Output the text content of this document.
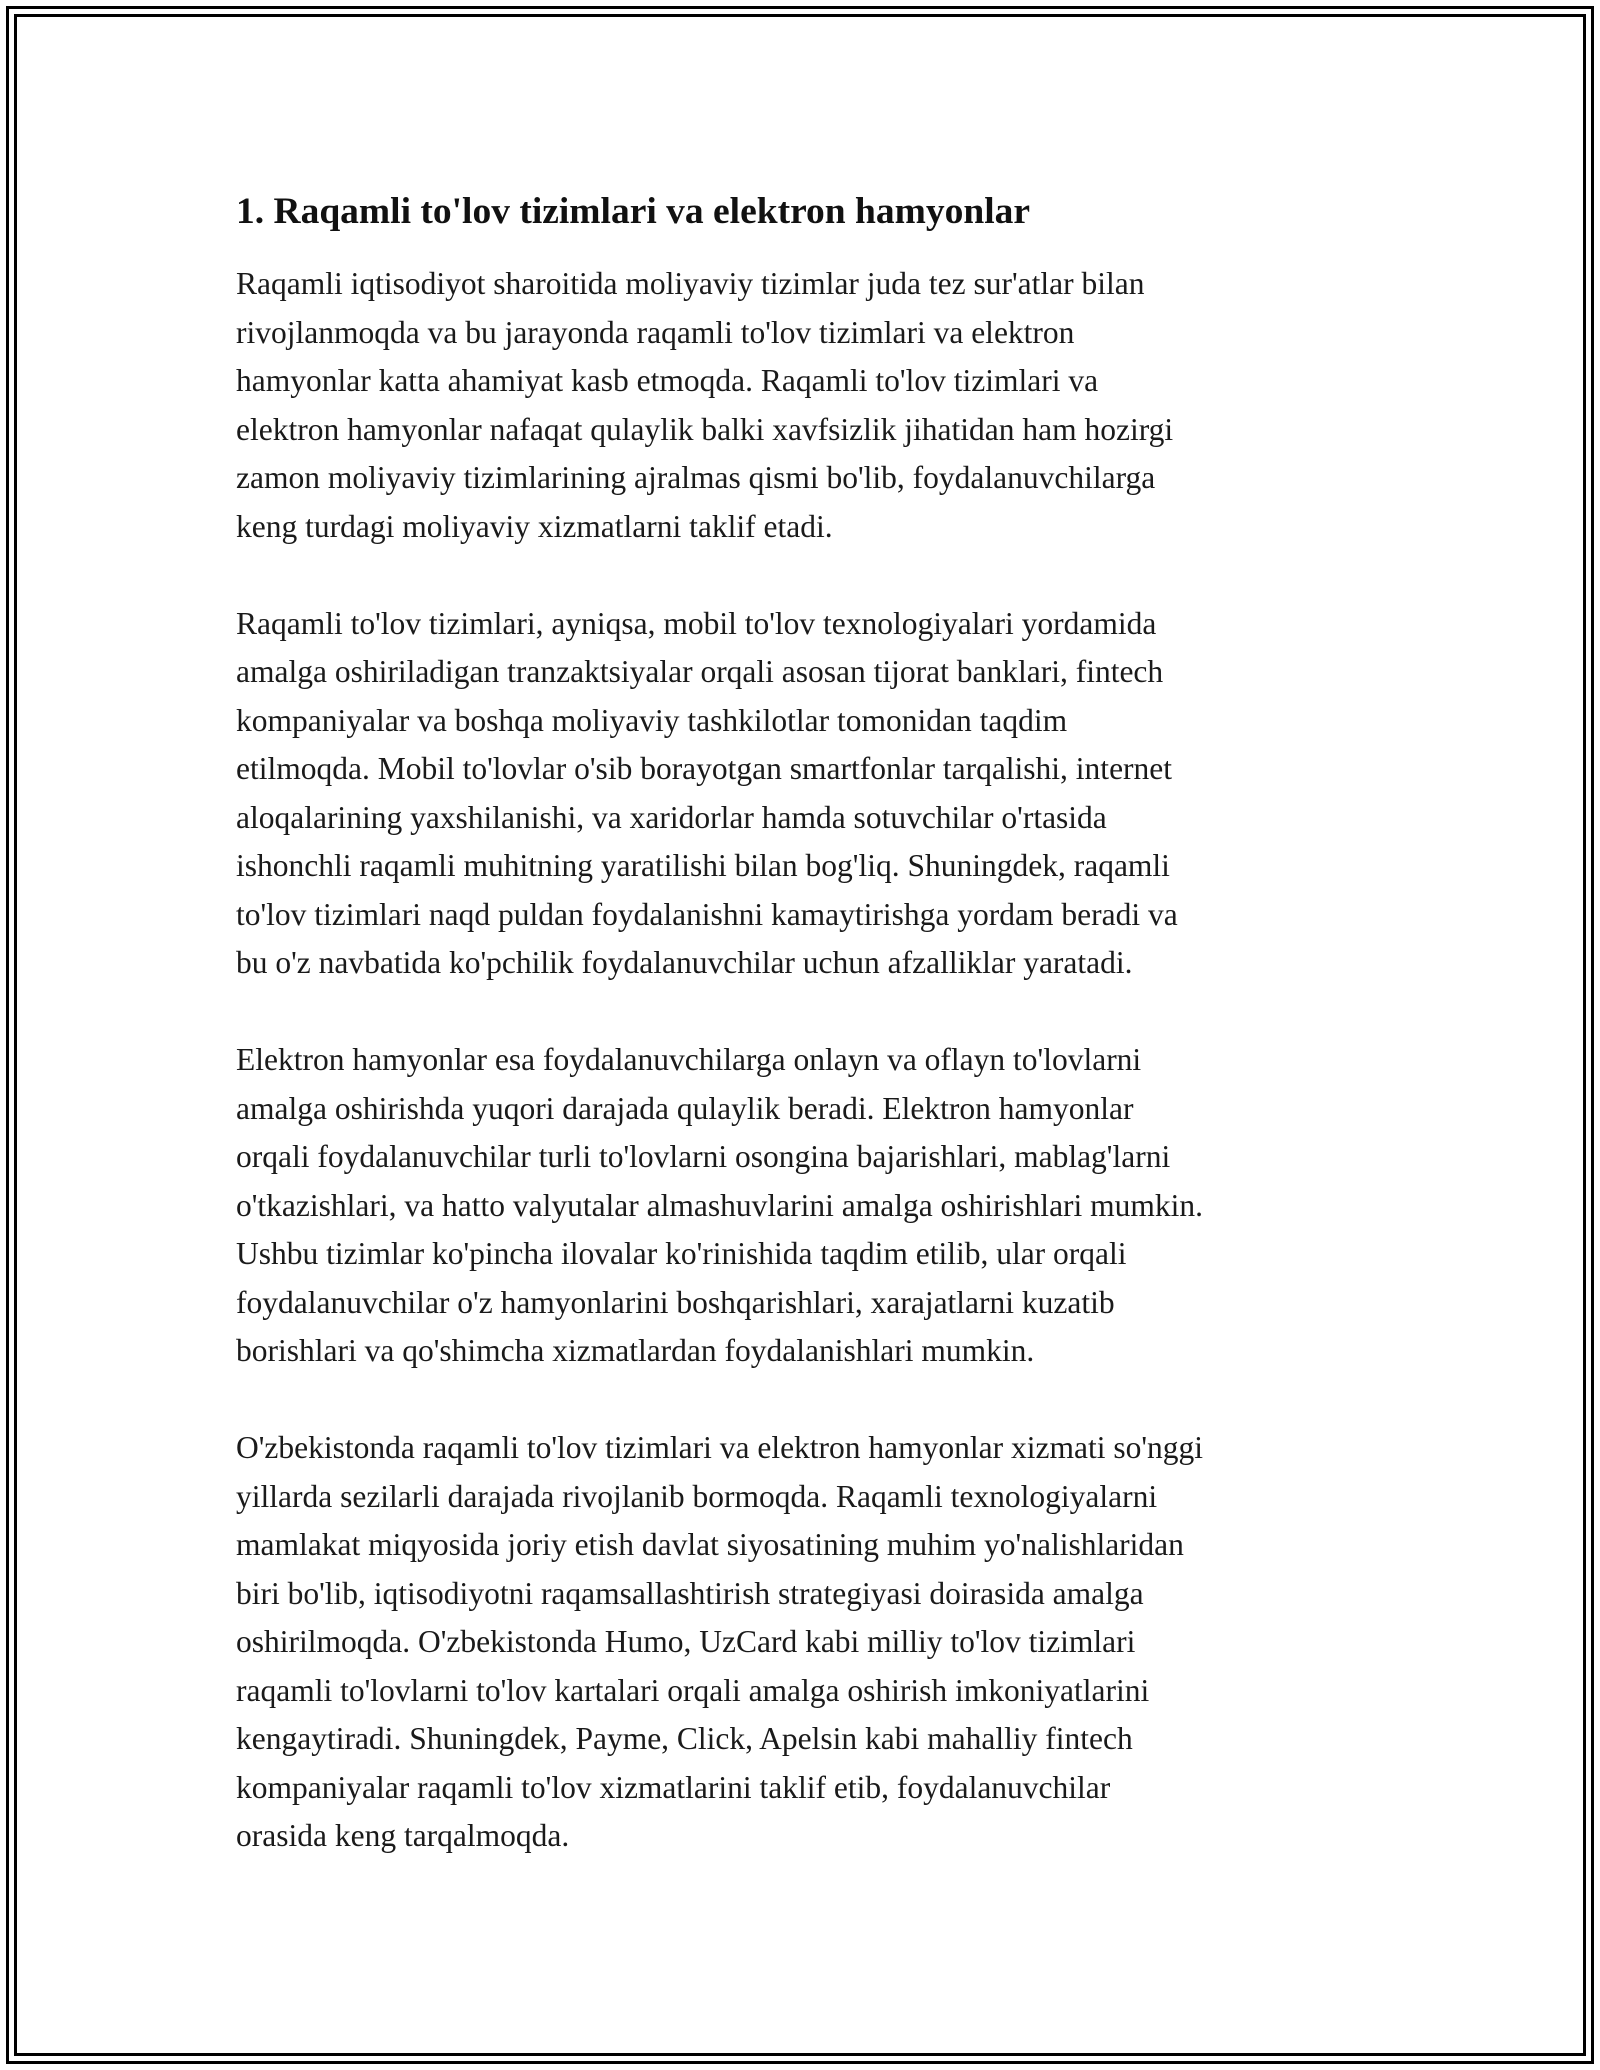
1. Raqamli to'lov tizimlari va elektron hamyonlar

Raqamli iqtisodiyot sharoitida moliyaviy tizimlar juda tez sur'atlar bilan
rivojlanmoqda va bu jarayonda raqamli to'lov tizimlari va elektron
hamyonlar katta ahamiyat kasb etmoqda. Raqamli to'lov tizimlari va
elektron hamyonlar nafaqat qulaylik balki xavfsizlik jihatidan ham hozirgi
zamon moliyaviy tizimlarining ajralmas qismi bo'lib, foydalanuvchilarga
keng turdagi moliyaviy xizmatlarni taklif etadi.

Raqamli to'lov tizimlari, ayniqsa, mobil to'lov texnologiyalari yordamida
amalga oshiriladigan tranzaktsiyalar orqali asosan tijorat banklari, fintech
kompaniyalar va boshqa moliyaviy tashkilotlar tomonidan taqdim
etilmoqda. Mobil to'lovlar o'sib borayotgan smartfonlar tarqalishi, internet
aloqalarining yaxshilanishi, va xaridorlar hamda sotuvchilar o'rtasida
ishonchli raqamli muhitning yaratilishi bilan bog'liq. Shuningdek, raqamli
to'lov tizimlari naqd puldan foydalanishni kamaytirishga yordam beradi va
bu o'z navbatida ko'pchilik foydalanuvchilar uchun afzalliklar yaratadi.

Elektron hamyonlar esa foydalanuvchilarga onlayn va oflayn to'lovlarni
amalga oshirishda yuqori darajada qulaylik beradi. Elektron hamyonlar
orqali foydalanuvchilar turli to'lovlarni osongina bajarishlari, mablag'larni
o'tkazishlari, va hatto valyutalar almashuvlarini amalga oshirishlari mumkin.
Ushbu tizimlar ko'pincha ilovalar ko'rinishida taqdim etilib, ular orqali
foydalanuvchilar o'z hamyonlarini boshqarishlari, xarajatlarni kuzatib
borishlari va qo'shimcha xizmatlardan foydalanishlari mumkin.

O'zbekistonda raqamli to'lov tizimlari va elektron hamyonlar xizmati so'nggi
yillarda sezilarli darajada rivojlanib bormoqda. Raqamli texnologiyalarni
mamlakat miqyosida joriy etish davlat siyosatining muhim yo'nalishlaridan
biri bo'lib, iqtisodiyotni raqamsallashtirish strategiyasi doirasida amalga
oshirilmoqda. O'zbekistonda Humo, UzCard kabi milliy to'lov tizimlari
raqamli to'lovlarni to'lov kartalari orqali amalga oshirish imkoniyatlarini
kengaytiradi. Shuningdek, Payme, Click, Apelsin kabi mahalliy fintech
kompaniyalar raqamli to'lov xizmatlarini taklif etib, foydalanuvchilar
orasida keng tarqalmoqda.
